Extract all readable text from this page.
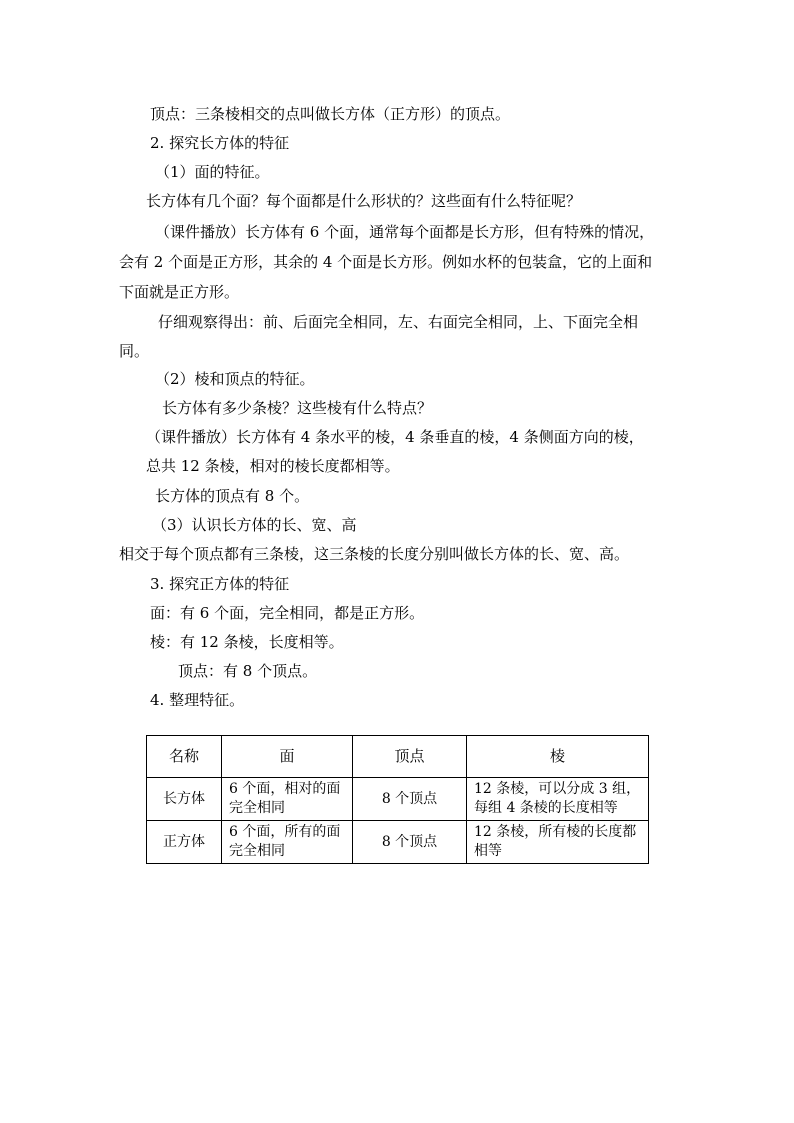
顶点：三条棱相交的点叫做长方体（正方形）的顶点。
2. 探究长方体的特征
（1）面的特征。
长方体有几个面？每个面都是什么形状的？这些面有什么特征呢？
（课件播放）长方体有 6 个面，通常每个面都是长方形，但有特殊的情况，
会有 2 个面是正方形，其余的 4 个面是长方形。例如水杯的包装盒，它的上面和
下面就是正方形。
仔细观察得出：前、后面完全相同，左、右面完全相同，上、下面完全相
同。
（2）棱和顶点的特征。
长方体有多少条棱？这些棱有什么特点？
（课件播放）长方体有 4 条水平的棱，4 条垂直的棱，4 条侧面方向的棱，
总共 12 条棱，相对的棱长度都相等。
长方体的顶点有 8 个。
（3）认识长方体的长、宽、高
相交于每个顶点都有三条棱，这三条棱的长度分别叫做长方体的长、宽、高。
3. 探究正方体的特征
面：有 6 个面，完全相同，都是正方形。
棱：有 12 条棱，长度相等。
顶点：有 8 个顶点。
4. 整理特征。
名称	面	顶点	棱
长方体	6 个面，相对的面完全相同	8 个顶点	12 条棱，可以分成 3 组，每组 4 条棱的长度相等
正方体	6 个面，所有的面完全相同	8 个顶点	12 条棱，所有棱的长度都相等
